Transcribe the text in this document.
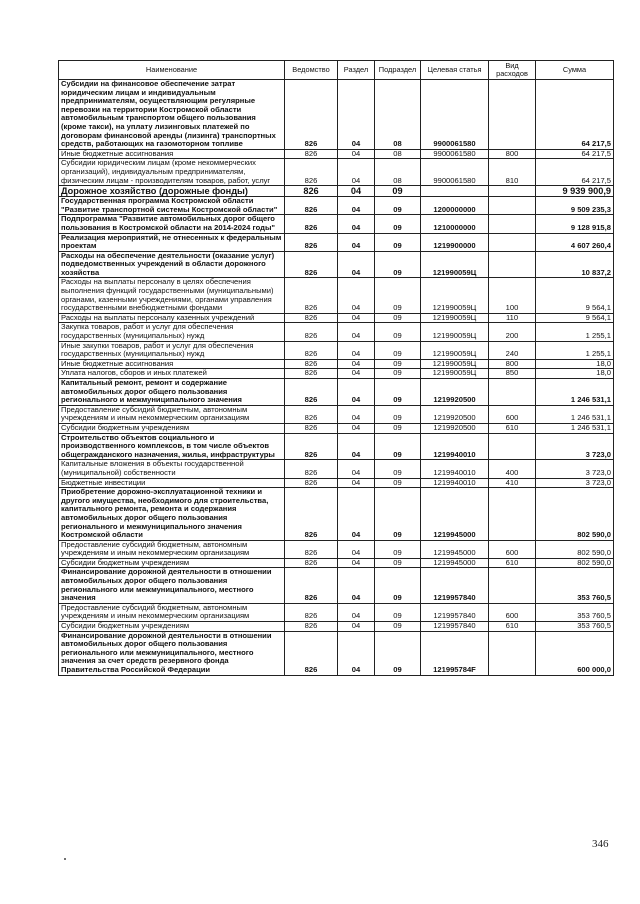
Наименование	Ведомство	Раздел	Подраздел	Целевая статья	Вид расходов	Сумма
Субсидии на финансовое обеспечение затрат юридическим лицам и индивидуальным предпринимателям, осуществляющим регулярные перевозки на территории Костромской области автомобильным транспортом общего пользования (кроме такси), на уплату лизинговых платежей по договорам финансовой аренды (лизинга) транспортных средств, работающих на газомоторном топливе	826	04	08	9900061580		64 217,5
Иные бюджетные ассигнования	826	04	08	9900061580	800	64 217,5
Субсидии юридическим лицам (кроме некоммерческих организаций), индивидуальным предпринимателям, физическим лицам - производителям товаров, работ, услуг	826	04	08	9900061580	810	64 217,5
Дорожное хозяйство (дорожные фонды)	826	04	09			9 939 900,9
Государственная программа Костромской области "Развитие транспортной системы Костромской области"	826	04	09	1200000000		9 509 235,3
Подпрограмма "Развитие автомобильных дорог общего пользования в Костромской области на 2014-2024 годы"	826	04	09	1210000000		9 128 915,8
Реализация мероприятий, не отнесенных к федеральным проектам	826	04	09	1219900000		4 607 260,4
Расходы на обеспечение деятельности (оказание услуг) подведомственных учреждений в области дорожного хозяйства	826	04	09	121990059Ц		10 837,2
Расходы на выплаты персоналу в целях обеспечения выполнения функций государственными (муниципальными) органами, казенными учреждениями, органами управления государственными внебюджетными фондами	826	04	09	121990059Ц	100	9 564,1
Расходы на выплаты персоналу казенных учреждений	826	04	09	121990059Ц	110	9 564,1
Закупка товаров, работ и услуг для обеспечения государственных (муниципальных) нужд	826	04	09	121990059Ц	200	1 255,1
Иные закупки товаров, работ и услуг для обеспечения государственных (муниципальных) нужд	826	04	09	121990059Ц	240	1 255,1
Иные бюджетные ассигнования	826	04	09	121990059Ц	800	18,0
Уплата налогов, сборов и иных платежей	826	04	09	121990059Ц	850	18,0
Капитальный ремонт, ремонт и содержание автомобильных дорог общего пользования регионального и межмуниципального значения	826	04	09	1219920500		1 246 531,1
Предоставление субсидий бюджетным, автономным учреждениям и иным некоммерческим организациям	826	04	09	1219920500	600	1 246 531,1
Субсидии бюджетным учреждениям	826	04	09	1219920500	610	1 246 531,1
Строительство объектов социального и производственного комплексов, в том числе объектов общегражданского назначения, жилья, инфраструктуры	826	04	09	1219940010		3 723,0
Капитальные вложения в объекты государственной (муниципальной) собственности	826	04	09	1219940010	400	3 723,0
Бюджетные инвестиции	826	04	09	1219940010	410	3 723,0
Приобретение дорожно-эксплуатационной техники и другого имущества, необходимого для строительства, капитального ремонта, ремонта и содержания автомобильных дорог общего пользования регионального и межмуниципального значения Костромской области	826	04	09	1219945000		802 590,0
Предоставление субсидий бюджетным, автономным учреждениям и иным некоммерческим организациям	826	04	09	1219945000	600	802 590,0
Субсидии бюджетным учреждениям	826	04	09	1219945000	610	802 590,0
Финансирование дорожной деятельности в отношении автомобильных дорог общего пользования регионального или межмуниципального, местного значения	826	04	09	1219957840		353 760,5
Предоставление субсидий бюджетным, автономным учреждениям и иным некоммерческим организациям	826	04	09	1219957840	600	353 760,5
Субсидии бюджетным учреждениям	826	04	09	1219957840	610	353 760,5
Финансирование дорожной деятельности в отношении автомобильных дорог общего пользования регионального или межмуниципального, местного значения за счет средств резервного фонда Правительства Российской Федерации	826	04	09	121995784F		600 000,0
346
